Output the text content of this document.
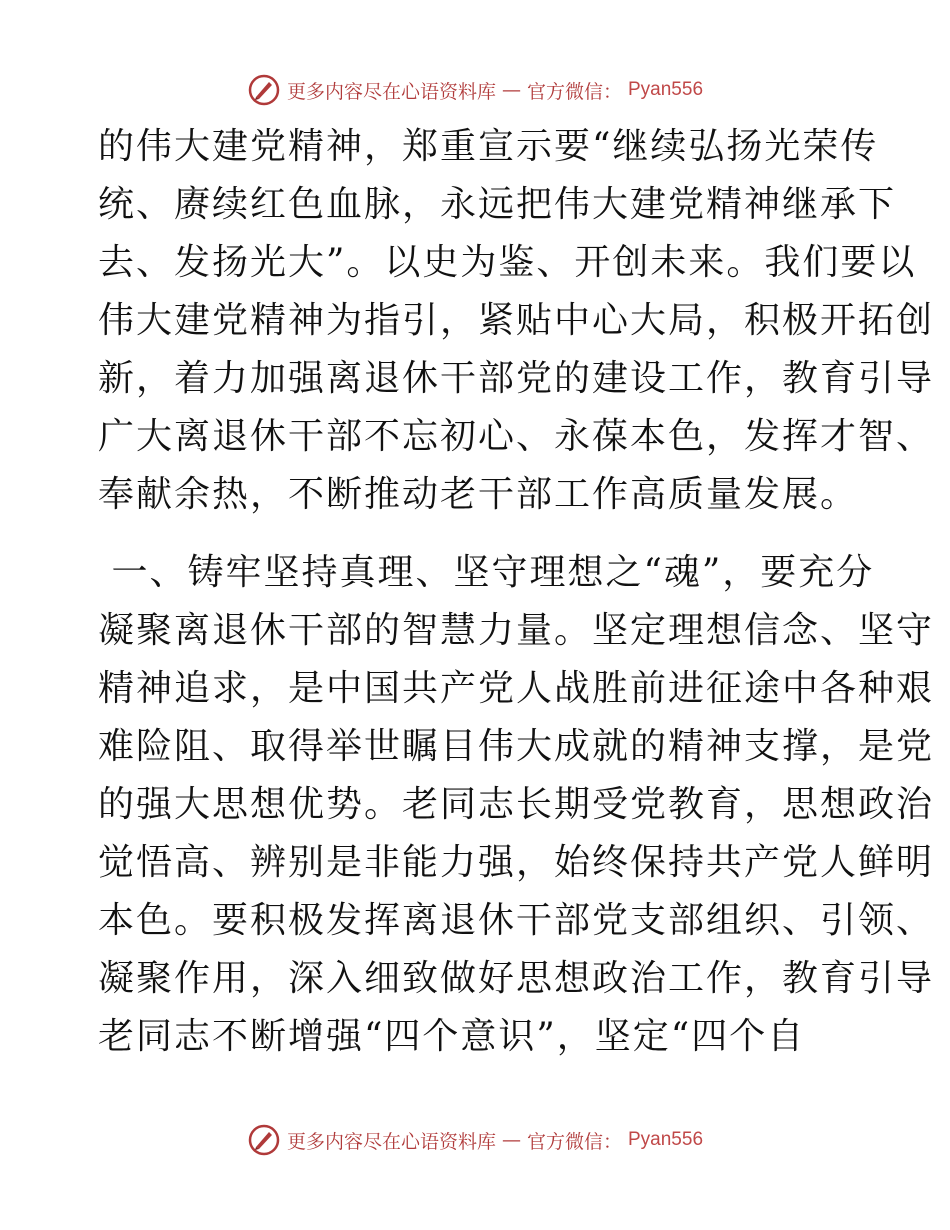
更多内容尽在心语资料库 — 官方微信： Pyan556

的伟大建党精神，郑重宣示要“继续弘扬光荣传
统、赓续红色血脉，永远把伟大建党精神继承下
去、发扬光大”。以史为鉴、开创未来。我们要以
伟大建党精神为指引，紧贴中心大局，积极开拓创
新，着力加强离退休干部党的建设工作，教育引导
广大离退休干部不忘初心、永葆本色，发挥才智、
奉献余热，不断推动老干部工作高质量发展。

一、铸牢坚持真理、坚守理想之“魂”，要充分
凝聚离退休干部的智慧力量。坚定理想信念、坚守
精神追求，是中国共产党人战胜前进征途中各种艰
难险阻、取得举世瞩目伟大成就的精神支撑，是党
的强大思想优势。老同志长期受党教育，思想政治
觉悟高、辨别是非能力强，始终保持共产党人鲜明
本色。要积极发挥离退休干部党支部组织、引领、
凝聚作用，深入细致做好思想政治工作，教育引导
老同志不断增强“四个意识”，坚定“四个自

更多内容尽在心语资料库 — 官方微信： Pyan556
